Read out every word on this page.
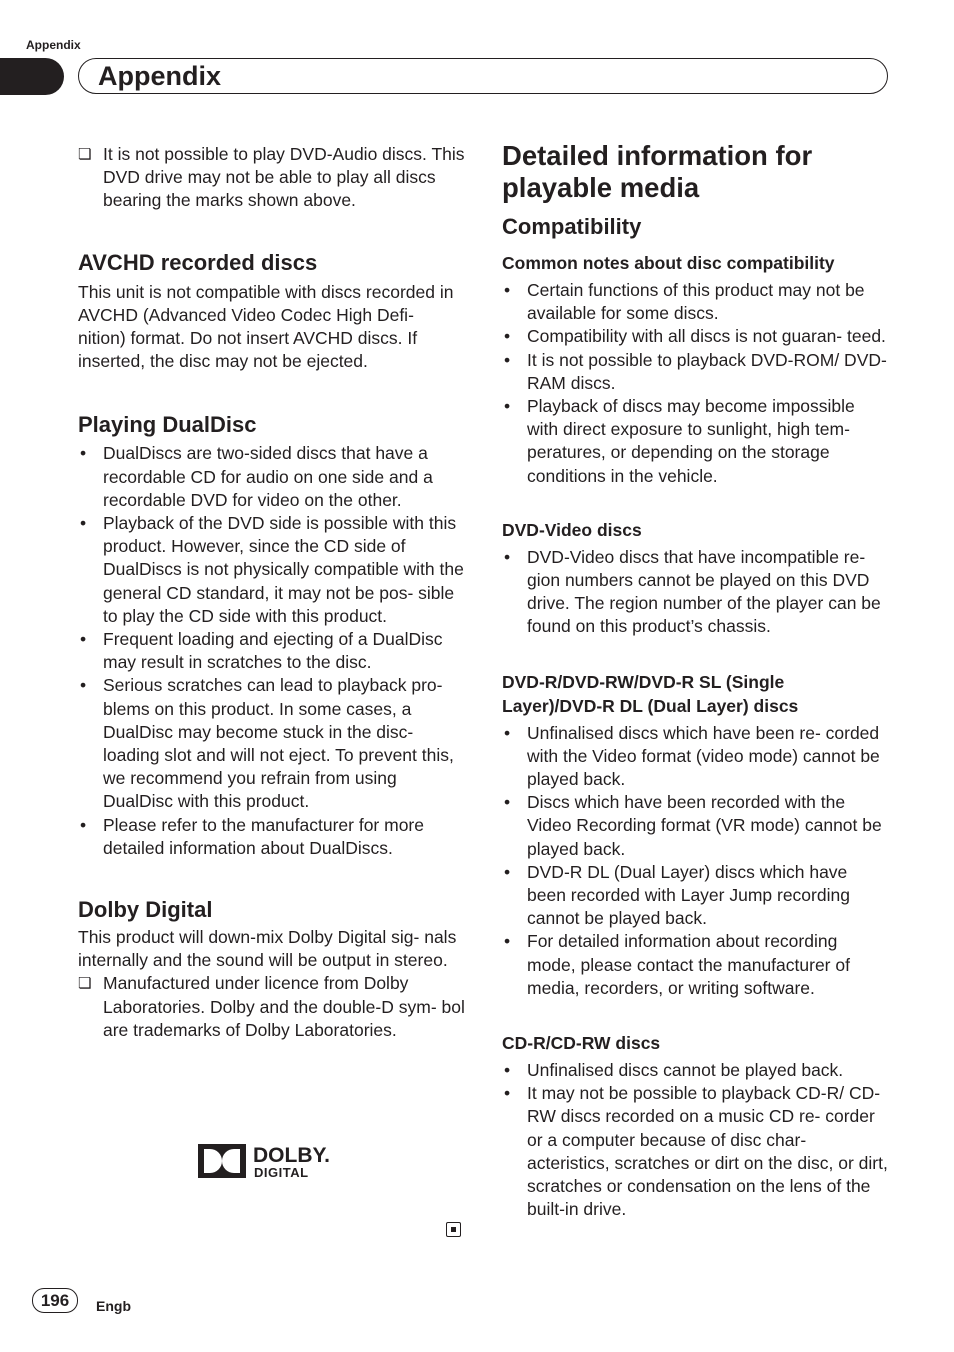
Appendix
Appendix
❏ It is not possible to play DVD-Audio discs. This DVD drive may not be able to play all discs bearing the marks shown above.
AVCHD recorded discs

This unit is not compatible with discs recorded in AVCHD (Advanced Video Codec High Defi- nition) format. Do not insert AVCHD discs. If inserted, the disc may not be ejected.

Playing DualDisc
• DualDiscs are two-sided discs that have a recordable CD for audio on one side and a recordable DVD for video on the other.
• Playback of the DVD side is possible with this product. However, since the CD side of DualDiscs is not physically compatible with the general CD standard, it may not be pos- sible to play the CD side with this product.
• Frequent loading and ejecting of a DualDisc may result in scratches to the disc.
• Serious scratches can lead to playback pro- blems on this product. In some cases, a DualDisc may become stuck in the disc- loading slot and will not eject. To prevent this, we recommend you refrain from using DualDisc with this product.
• Please refer to the manufacturer for more detailed information about DualDiscs.
Dolby Digital

This product will down-mix Dolby Digital sig- nals internally and the sound will be output in stereo.

❏ Manufactured under licence from Dolby Laboratories. Dolby and the double-D sym- bol are trademarks of Dolby Laboratories.
DOLBY.
DIGITAL
Detailed information for playable media
Compatibility
Common notes about disc compatibility
• Certain functions of this product may not be available for some discs.
• Compatibility with all discs is not guaran- teed.
• It is not possible to playback DVD-ROM/ DVD-RAM discs.
• Playback of discs may become impossible with direct exposure to sunlight, high tem- peratures, or depending on the storage conditions in the vehicle.
DVD-Video discs
• DVD-Video discs that have incompatible re- gion numbers cannot be played on this DVD drive. The region number of the player can be found on this product’s chassis.
DVD-R/DVD-RW/DVD-R SL (Single Layer)/DVD-R DL (Dual Layer) discs
• Unfinalised discs which have been re- corded with the Video format (video mode) cannot be played back.
• Discs which have been recorded with the Video Recording format (VR mode) cannot be played back.
• DVD-R DL (Dual Layer) discs which have been recorded with Layer Jump recording cannot be played back.
• For detailed information about recording mode, please contact the manufacturer of media, recorders, or writing software.
CD-R/CD-RW discs
• Unfinalised discs cannot be played back.
• It may not be possible to playback CD-R/ CD-RW discs recorded on a music CD re- corder or a computer because of disc char- acteristics, scratches or dirt on the disc, or dirt, scratches or condensation on the lens of the built-in drive.
196	Engb
